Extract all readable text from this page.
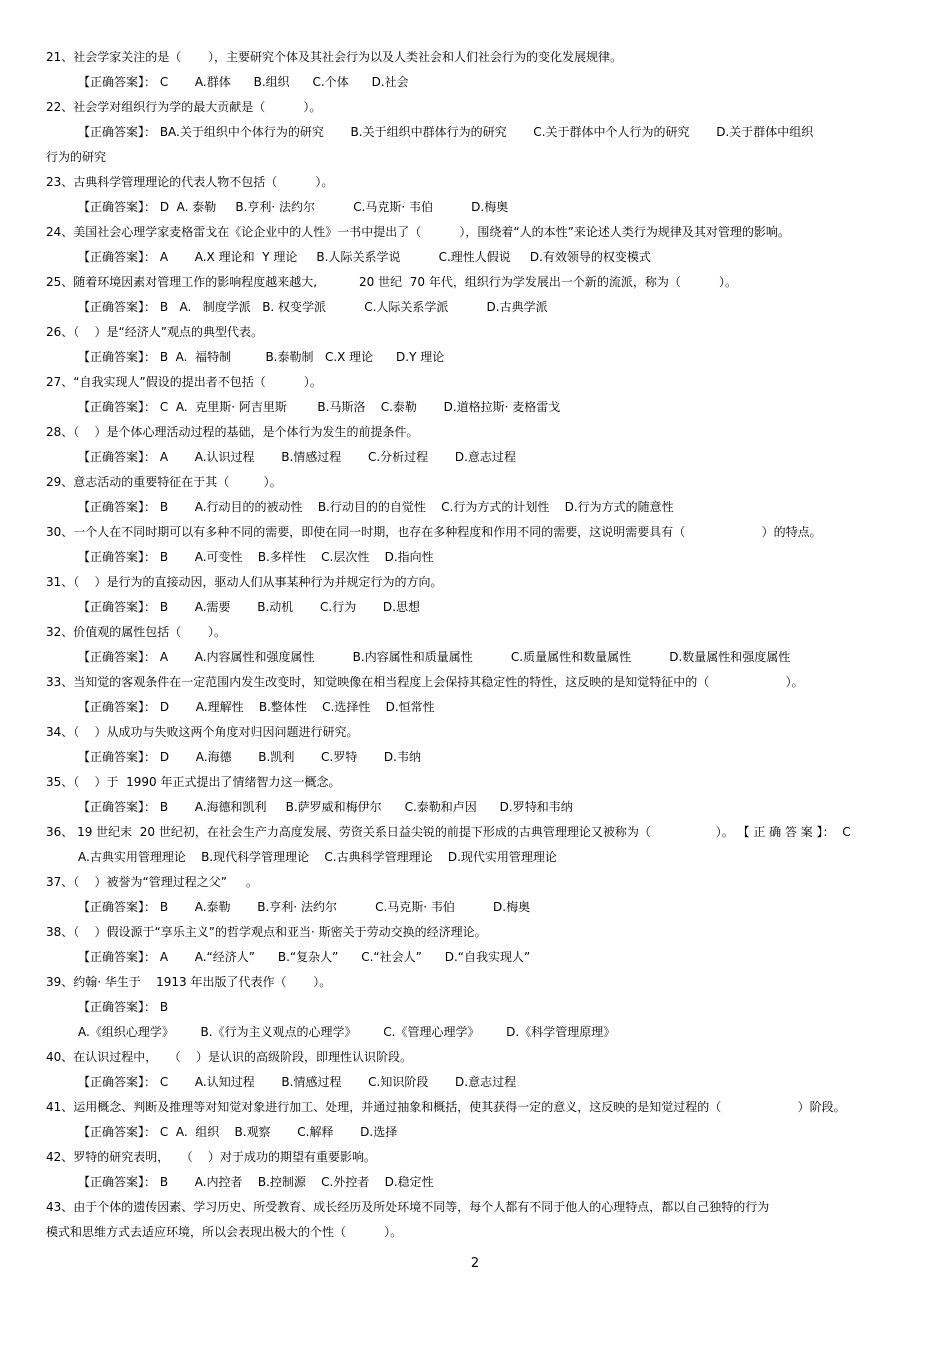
2
21、社会学家关注的是（       ），主要研究个体及其社会行为以及人类社会和人们社会行为的变化发展规律。
【正确答案】： C       A.群体      B.组织      C.个体      D.社会
22、社会学对组织行为学的最大贡献是（          ）。
【正确答案】： BA.关于组织中个体行为的研究       B.关于组织中群体行为的研究       C.关于群体中个人行为的研究       D.关于群体中组织
行为的研究
23、古典科学管理理论的代表人物不包括（          ）。
【正确答案】： D  A. 泰勒     B.亨利· 法约尔          C.马克斯· 韦伯          D.梅奥
24、美国社会心理学家麦格雷戈在《论企业中的人性》一书中提出了（          ），围绕着“人的本性”来论述人类行为规律及其对管理的影响。
【正确答案】： A       A.X 理论和  Y 理论     B.人际关系学说          C.理性人假说     D.有效领导的权变模式
25、随着环境因素对管理工作的影响程度越来越大,           20 世纪  70 年代，组织行为学发展出一个新的流派，称为（          ）。
【正确答案】： B   A.   制度学派   B. 权变学派          C.人际关系学派          D.古典学派
26、（    ）是“经济人”观点的典型代表。
【正确答案】： B  A.  福特制         B.泰勒制   C.X 理论      D.Y 理论
27、“自我实现人”假设的提出者不包括（          ）。
【正确答案】： C  A.  克里斯· 阿吉里斯        B.马斯洛    C.泰勒       D.道格拉斯· 麦格雷戈
28、（    ）是个体心理活动过程的基础，是个体行为发生的前提条件。
【正确答案】： A       A.认识过程       B.情感过程       C.分析过程       D.意志过程
29、意志活动的重要特征在于其（         ）。
【正确答案】： B       A.行动目的的被动性    B.行动目的的自觉性    C.行为方式的计划性    D.行为方式的随意性
30、一个人在不同时期可以有多种不同的需要，即使在同一时期，也存在多种程度和作用不同的需要，这说明需要具有（                    ）的特点。
【正确答案】： B       A.可变性    B.多样性    C.层次性    D.指向性
31、（    ）是行为的直接动因，驱动人们从事某种行为并规定行为的方向。
【正确答案】： B       A.需要       B.动机       C.行为       D.思想
32、价值观的属性包括（       ）。
【正确答案】： A       A.内容属性和强度属性          B.内容属性和质量属性          C.质量属性和数量属性          D.数量属性和强度属性
33、当知觉的客观条件在一定范围内发生改变时，知觉映像在相当程度上会保持其稳定性的特性，这反映的是知觉特征中的（                    ）。
【正确答案】： D       A.理解性    B.整体性    C.选择性    D.恒常性
34、（    ）从成功与失败这两个角度对归因问题进行研究。
【正确答案】： D       A.海德       B.凯利       C.罗特       D.韦纳
35、（    ）于  1990 年正式提出了情绪智力这一概念。
【正确答案】： B       A.海德和凯利     B.萨罗威和梅伊尔      C.泰勒和卢因      D.罗特和韦纳
36、 19 世纪末  20 世纪初，在社会生产力高度发展、劳资关系日益尖锐的前提下形成的古典管理理论又被称为（                 ）。 【 正 确 答 案 】：  C
A.古典实用管理理论    B.现代科学管理理论    C.古典科学管理理论    D.现代实用管理理论
37、（    ）被誉为“管理过程之父”     。
【正确答案】： B       A.泰勒       B.亨利· 法约尔          C.马克斯· 韦伯          D.梅奥
38、（    ）假设源于“享乐主义”的哲学观点和亚当· 斯密关于劳动交换的经济理论。
【正确答案】： A       A.“经济人”      B.“复杂人”      C.“社会人”      D.“自我实现人”
39、约翰· 华生于    1913 年出版了代表作（       ）。
【正确答案】： B
A.《组织心理学》       B.《行为主义观点的心理学》       C.《管理心理学》       D.《科学管理原理》
40、在认识过程中，   （    ）是认识的高级阶段，即理性认识阶段。
【正确答案】： C       A.认知过程       B.情感过程       C.知识阶段       D.意志过程
41、运用概念、判断及推理等对知觉对象进行加工、处理，并通过抽象和概括，使其获得一定的意义，这反映的是知觉过程的（                    ）阶段。
【正确答案】： C  A.  组织    B.观察       C.解释       D.选择
42、罗特的研究表明，   （    ）对于成功的期望有重要影响。
【正确答案】： B       A.内控者    B.控制源    C.外控者    D.稳定性
43、由于个体的遗传因素、学习历史、所受教育、成长经历及所处环境不同等，每个人都有不同于他人的心理特点，都以自己独特的行为
模式和思维方式去适应环境，所以会表现出极大的个性（          ）。
